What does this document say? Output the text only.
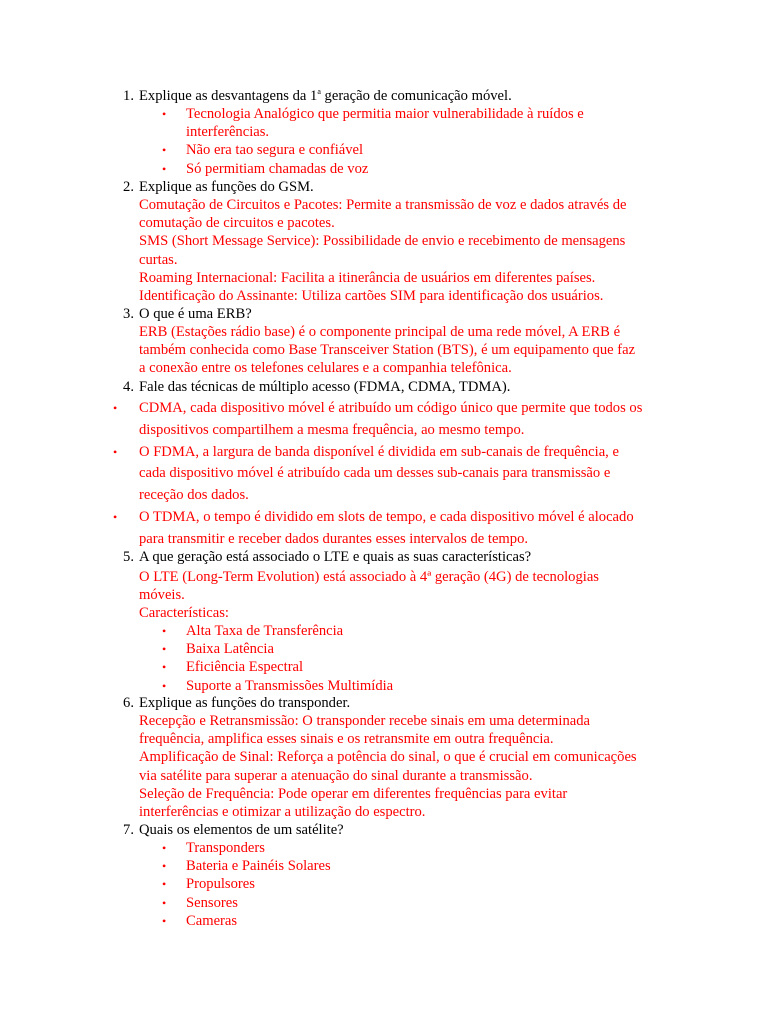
1. Explique as desvantagens da 1$^a$ geração de comunicação móvel.
• Tecnologia Analógico que permitia maior vulnerabilidade à ruídos e
interferências.
• Não era tao segura e confiável
• Só permitiam chamadas de voz
2. Explique as funções do GSM.
Comutação de Circuitos e Pacotes: Permite a transmissão de voz e dados através de
comutação de circuitos e pacotes.
SMS (Short Message Service): Possibilidade de envio e recebimento de mensagens
curtas.
Roaming Internacional: Facilita a itinerância de usuários em diferentes países.
Identificação do Assinante: Utiliza cartões SIM para identificação dos usuários.
3. O que é uma ERB?
ERB (Estações rádio base) é o componente principal de uma rede móvel, A ERB é
também conhecida como Base Transceiver Station (BTS), é um equipamento que faz
a conexão entre os telefones celulares e a companhia telefônica.
4. Fale das técnicas de múltiplo acesso (FDMA, CDMA, TDMA).
• CDMA, cada dispositivo móvel é atribuído um código único que permite que todos os
dispositivos compartilhem a mesma frequência, ao mesmo tempo.
• O FDMA, a largura de banda disponível é dividida em sub-canais de frequência, e
cada dispositivo móvel é atribuído cada um desses sub-canais para transmissão e
receção dos dados.
• O TDMA, o tempo é dividido em slots de tempo, e cada dispositivo móvel é alocado
para transmitir e receber dados durantes esses intervalos de tempo.
5. A que geração está associado o LTE e quais as suas características?
O LTE (Long-Term Evolution) está associado à 4ª geração (4G) de tecnologias
móveis.
Características:
• Alta Taxa de Transferência
• Baixa Latência
• Eficiência Espectral
• Suporte a Transmissões Multimídia
6. Explique as funções do transponder.
Recepção e Retransmissão: O transponder recebe sinais em uma determinada
frequência, amplifica esses sinais e os retransmite em outra frequência.
Amplificação de Sinal: Reforça a potência do sinal, o que é crucial em comunicações
via satélite para superar a atenuação do sinal durante a transmissão.
Seleção de Frequência: Pode operar em diferentes frequências para evitar
interferências e otimizar a utilização do espectro.
7. Quais os elementos de um satélite?
• Transponders
• Bateria e Painéis Solares
• Propulsores
• Sensores
• Cameras
